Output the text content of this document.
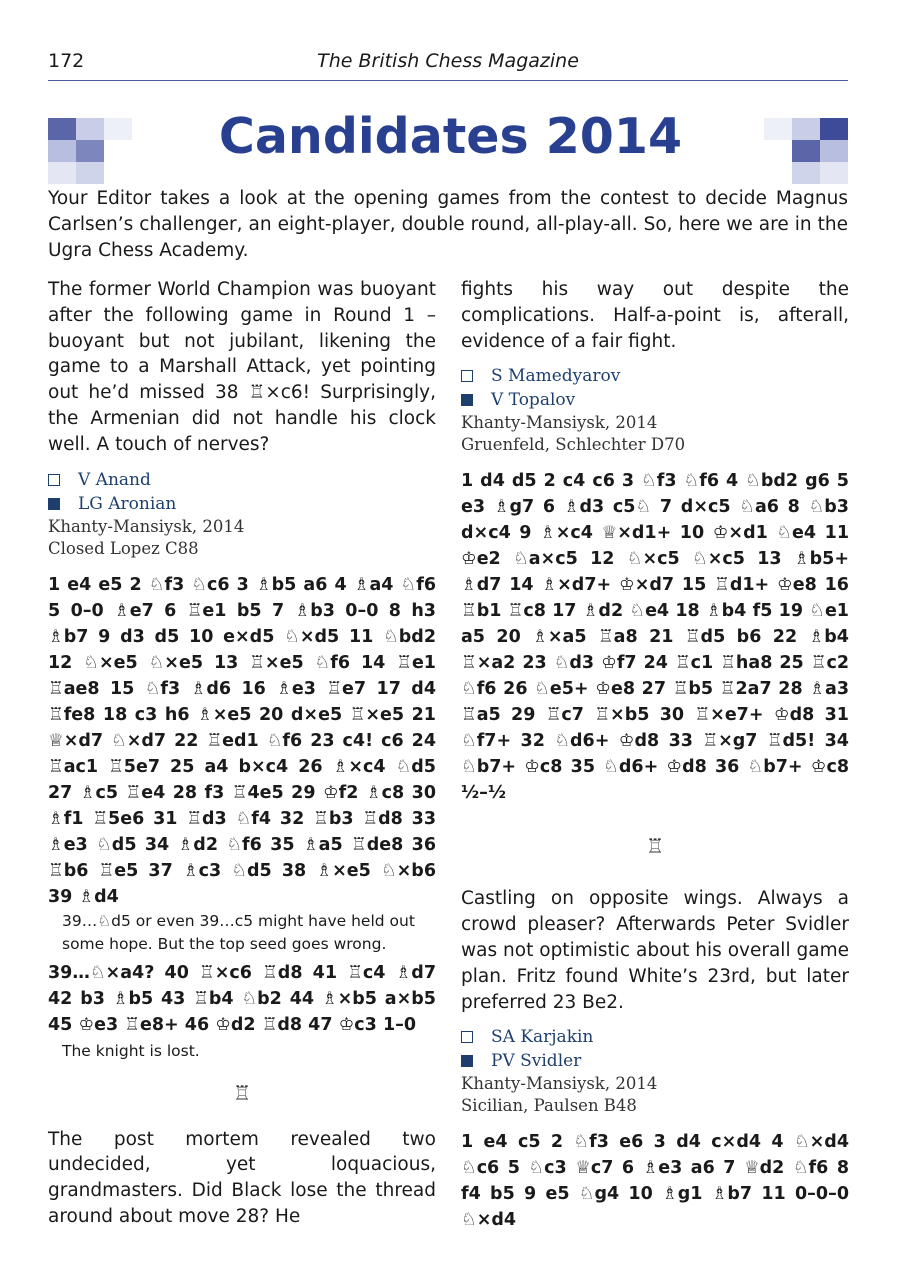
172	The British Chess Magazine
Candidates 2014
Your Editor takes a look at the opening games from the contest to decide Magnus Carlsen’s challenger, an eight-player, double round, all-play-all. So, here we are in the Ugra Chess Academy.

The former World Champion was buoyant after the following game in Round 1 – buoyant but not jubilant, likening the game to a Marshall Attack, yet pointing out he’d missed 38 ♖×c6! Surprisingly, the Armenian did not handle his clock well. A touch of nerves?

V Anand
LG Aronian
Khanty-Mansiysk, 2014
Closed Lopez C88

1 e4 e5 2 ♘f3 ♘c6 3 ♗b5 a6 4 ♗a4 ♘f6 5 0–0 ♗e7 6 ♖e1 b5 7 ♗b3 0–0 8 h3 ♗b7 9 d3 d5 10 e×d5 ♘×d5 11 ♘bd2 12 ♘×e5 ♘×e5 13 ♖×e5 ♘f6 14 ♖e1 ♖ae8 15 ♘f3 ♗d6 16 ♗e3 ♖e7 17 d4 ♖fe8 18 c3 h6 ♗×e5 20 d×e5 ♖×e5 21 ♕×d7 ♘×d7 22 ♖ed1 ♘f6 23 c4! c6 24 ♖ac1 ♖5e7 25 a4 b×c4 26 ♗×c4 ♘d5 27 ♗c5 ♖e4 28 f3 ♖4e5 29 ♔f2 ♗c8 30 ♗f1 ♖5e6 31 ♖d3 ♘f4 32 ♖b3 ♖d8 33 ♗e3 ♘d5 34 ♗d2 ♘f6 35 ♗a5 ♖de8 36 ♖b6 ♖e5 37 ♗c3 ♘d5 38 ♗×e5 ♘×b6 39 ♗d4

39…♘d5 or even 39…c5 might have held out some hope. But the top seed goes wrong.

39…♘×a4? 40 ♖×c6 ♖d8 41 ♖c4 ♗d7 42 b3 ♗b5 43 ♖b4 ♘b2 44 ♗×b5 a×b5 45 ♔e3 ♖e8+ 46 ♔d2 ♖d8 47 ♔c3 1–0

The knight is lost.

♖

The post mortem revealed two undecided, yet loquacious, grandmasters. Did Black lose the thread around about move 28? He

fights his way out despite the complications. Half-a-point is, afterall, evidence of a fair fight.

S Mamedyarov
V Topalov
Khanty-Mansiysk, 2014
Gruenfeld, Schlechter D70

1 d4 d5 2 c4 c6 3 ♘f3 ♘f6 4 ♘bd2 g6 5 e3 ♗g7 6 ♗d3 c5♘ 7 d×c5 ♘a6 8 ♘b3 d×c4 9 ♗×c4 ♕×d1+ 10 ♔×d1 ♘e4 11 ♔e2 ♘a×c5 12 ♘×c5 ♘×c5 13 ♗b5+ ♗d7 14 ♗×d7+ ♔×d7 15 ♖d1+ ♔e8 16 ♖b1 ♖c8 17 ♗d2 ♘e4 18 ♗b4 f5 19 ♘e1 a5 20 ♗×a5 ♖a8 21 ♖d5 b6 22 ♗b4 ♖×a2 23 ♘d3 ♔f7 24 ♖c1 ♖ha8 25 ♖c2 ♘f6 26 ♘e5+ ♔e8 27 ♖b5 ♖2a7 28 ♗a3 ♖a5 29 ♖c7 ♖×b5 30 ♖×e7+ ♔d8 31 ♘f7+ 32 ♘d6+ ♔d8 33 ♖×g7 ♖d5! 34 ♘b7+ ♔c8 35 ♘d6+ ♔d8 36 ♘b7+ ♔c8 ½–½

♖

Castling on opposite wings. Always a crowd pleaser? Afterwards Peter Svidler was not optimistic about his overall game plan. Fritz found White’s 23rd, but later preferred 23 Be2.

SA Karjakin
PV Svidler
Khanty-Mansiysk, 2014
Sicilian, Paulsen B48

1 e4 c5 2 ♘f3 e6 3 d4 c×d4 4 ♘×d4 ♘c6 5 ♘c3 ♕c7 6 ♗e3 a6 7 ♕d2 ♘f6 8 f4 b5 9 e5 ♘g4 10 ♗g1 ♗b7 11 0–0–0 ♘×d4
